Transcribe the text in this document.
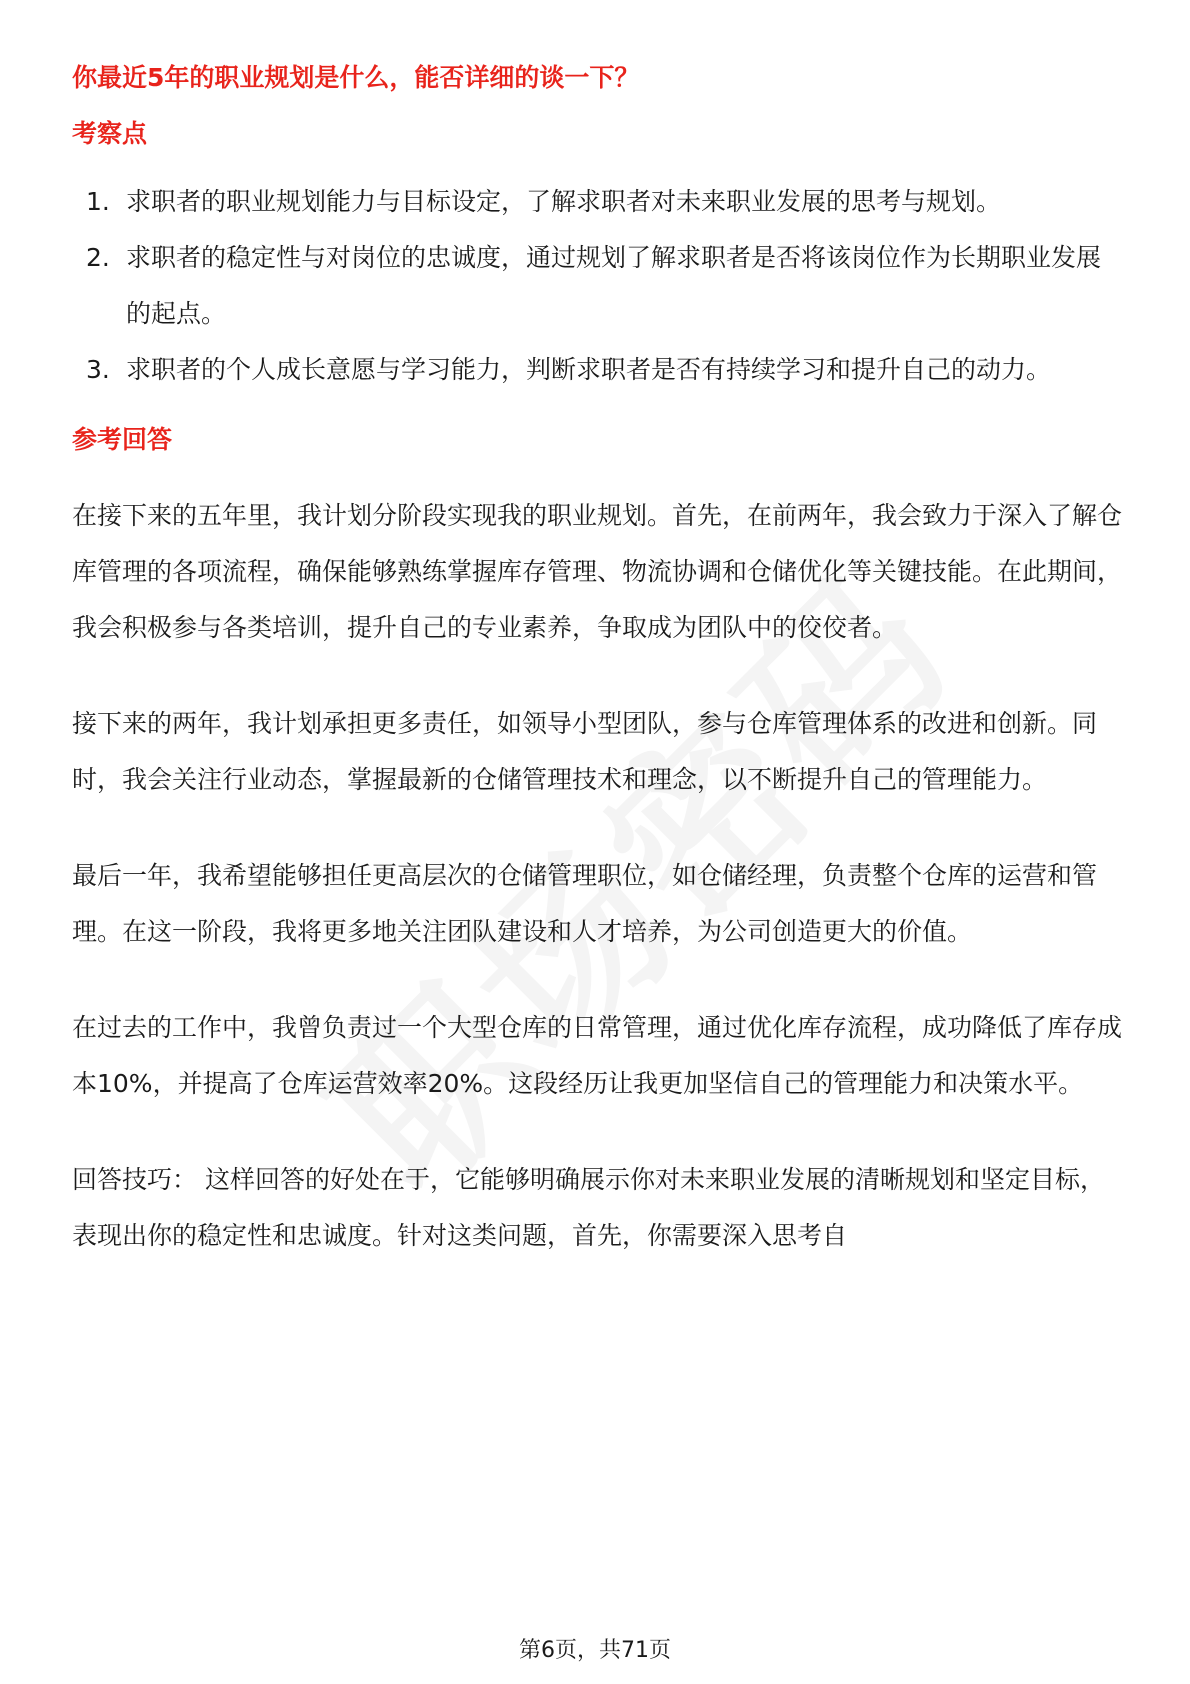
你最近5年的职业规划是什么，能否详细的谈一下？
考察点
1. 求职者的职业规划能力与目标设定，了解求职者对未来职业发展的思考与规划。
2. 求职者的稳定性与对岗位的忠诚度，通过规划了解求职者是否将该岗位作为长期职业发展的起点。
3. 求职者的个人成长意愿与学习能力，判断求职者是否有持续学习和提升自己的动力。
参考回答

在接下来的五年里，我计划分阶段实现我的职业规划。首先，在前两年，我会致力于深入了解仓库管理的各项流程，确保能够熟练掌握库存管理、物流协调和仓储优化等关键技能。在此期间，我会积极参与各类培训，提升自己的专业素养，争取成为团队中的佼佼者。

接下来的两年，我计划承担更多责任，如领导小型团队，参与仓库管理体系的改进和创新。同时，我会关注行业动态，掌握最新的仓储管理技术和理念，以不断提升自己的管理能力。

最后一年，我希望能够担任更高层次的仓储管理职位，如仓储经理，负责整个仓库的运营和管理。在这一阶段，我将更多地关注团队建设和人才培养，为公司创造更大的价值。

在过去的工作中，我曾负责过一个大型仓库的日常管理，通过优化库存流程，成功降低了库存成本10%，并提高了仓库运营效率20%。这段经历让我更加坚信自己的管理能力和决策水平。

回答技巧： 这样回答的好处在于，它能够明确展示你对未来职业发展的清晰规划和坚定目标，表现出你的稳定性和忠诚度。针对这类问题，首先，你需要深入思考自

第6页，共71页
